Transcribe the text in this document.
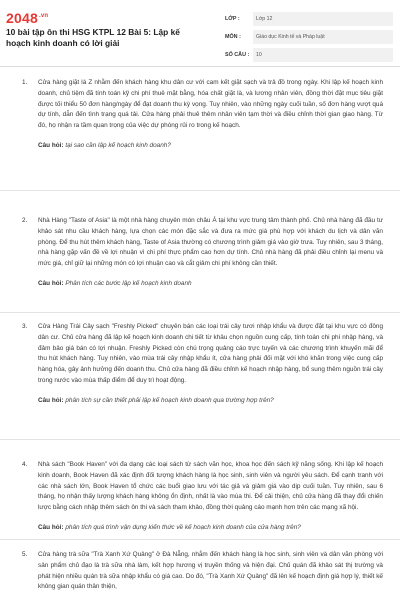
$2048^{.vn}$
10 bài tập ôn thi HSG KTPL 12 Bài 5: Lập kế hoạch kinh doanh có lời giải
LỚP :	Lớp 12
MÔN :	Giáo dục Kinh tế và Pháp luật
SỐ CÂU :	10
1. Cửa hàng giặt là Z nhằm đến khách hàng khu dân cư với cam kết giặt sạch và trả đồ trong ngày. Khi lập kế hoạch kinh doanh, chủ tiệm đã tính toán kỹ chi phí thuê mặt bằng, hóa chất giặt là, và lương nhân viên, đồng thời đặt mục tiêu giặt được tối thiểu 50 đơn hàng/ngày để đạt doanh thu kỳ vọng. Tuy nhiên, vào những ngày cuối tuần, số đơn hàng vượt quá dự tính, dẫn đến tình trạng quá tải. Cửa hàng phải thuê thêm nhân viên tạm thời và điều chỉnh thời gian giao hàng. Từ đó, họ nhận ra tầm quan trọng của việc dự phòng rủi ro trong kế hoạch.
Câu hỏi: tại sao cần lập kế hoạch kinh doanh?
2. Nhà Hàng "Taste of Asia" là một nhà hàng chuyên món châu Á tại khu vực trung tâm thành phố. Chủ nhà hàng đã đầu tư khảo sát nhu cầu khách hàng, lựa chọn các món đặc sắc và đưa ra mức giá phù hợp với khách du lịch và dân văn phòng. Để thu hút thêm khách hàng, Taste of Asia thường có chương trình giảm giá vào giờ trưa. Tuy nhiên, sau 3 tháng, nhà hàng gặp vấn đề về lợi nhuận vì chi phí thực phẩm cao hơn dự tính. Chủ nhà hàng đã phải điều chỉnh lại menu và mức giá, chỉ giữ lại những món có lợi nhuận cao và cắt giảm chi phí không cần thiết.
Câu hỏi: Phân tích các bước lập kế hoạch kinh doanh
3. Cửa Hàng Trái Cây sạch "Freshly Picked" chuyên bán các loại trái cây tươi nhập khẩu và được đặt tại khu vực có đông dân cư. Chủ cửa hàng đã lập kế hoạch kinh doanh chi tiết từ khâu chọn nguồn cung cấp, tính toán chi phí nhập hàng, và đảm bảo giá bán có lợi nhuận. Freshly Picked còn chú trọng quảng cáo trực tuyến và các chương trình khuyến mãi để thu hút khách hàng. Tuy nhiên, vào mùa trái cây nhập khẩu ít, cửa hàng phải đối mặt với khó khăn trong việc cung cấp hàng hóa, gây ảnh hưởng đến doanh thu. Chủ cửa hàng đã điều chỉnh kế hoạch nhập hàng, bổ sung thêm nguồn trái cây trong nước vào mùa thấp điểm để duy trì hoạt động.
Câu hỏi: phân tích sự cần thiết phải lập kế hoạch kinh doanh qua trường hợp trên?
4. Nhà sách "Book Haven" với đa dạng các loại sách từ sách văn học, khoa học đến sách kỹ năng sống. Khi lập kế hoạch kinh doanh, Book Haven đã xác định đối tượng khách hàng là học sinh, sinh viên và người yêu sách. Để cạnh tranh với các nhà sách lớn, Book Haven tổ chức các buổi giao lưu với tác giả và giảm giá vào dịp cuối tuần. Tuy nhiên, sau 6 tháng, họ nhận thấy lượng khách hàng không ổn định, nhất là vào mùa thi. Để cải thiện, chủ cửa hàng đã thay đổi chiến lược bằng cách nhập thêm sách ôn thi và sách tham khảo, đồng thời quảng cáo mạnh hơn trên các mạng xã hội.
Câu hỏi: phân tích quá trình vận dụng kiến thức về kế hoạch kinh doanh của cửa hàng trên?
5. Cửa hàng trà sữa "Trà Xanh Xứ Quảng" ở Đà Nẵng, nhắm đến khách hàng là học sinh, sinh viên và dân văn phòng với sản phẩm chủ đạo là trà sữa nhà làm, kết hợp hương vị truyền thống và hiện đại. Chủ quán đã khảo sát thị trường và phát hiện nhiều quán trà sữa nhập khẩu có giá cao. Do đó, "Trà Xanh Xứ Quảng" đã lên kế hoạch định giá hợp lý, thiết kế không gian quán thân thiện,
